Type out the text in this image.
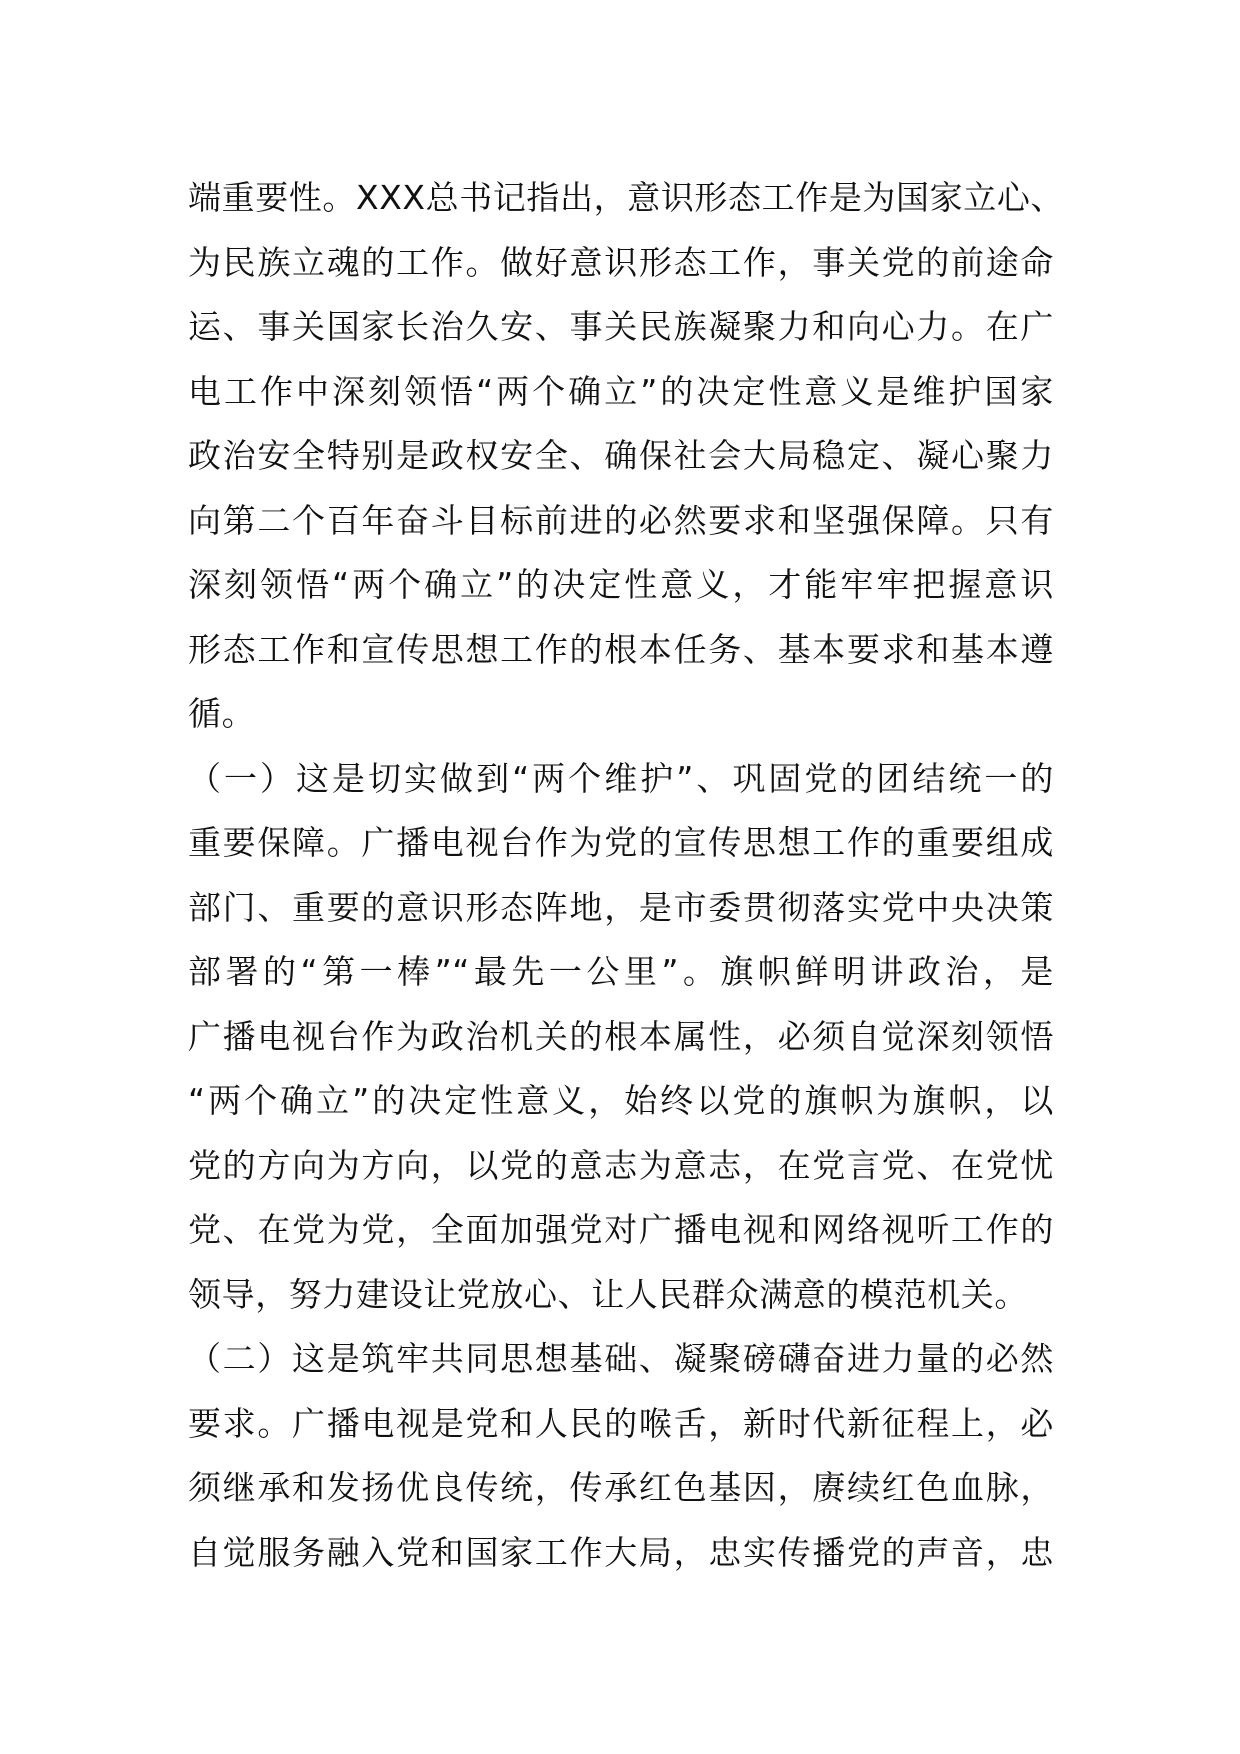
端重要性。XXX总书记指出，意识形态工作是为国家立心、
为民族立魂的工作。做好意识形态工作，事关党的前途命
运、事关国家长治久安、事关民族凝聚力和向心力。在广
电工作中深刻领悟“两个确立”的决定性意义是维护国家
政治安全特别是政权安全、确保社会大局稳定、凝心聚力
向第二个百年奋斗目标前进的必然要求和坚强保障。只有
深刻领悟“两个确立”的决定性意义，才能牢牢把握意识
形态工作和宣传思想工作的根本任务、基本要求和基本遵
循。
（一）这是切实做到“两个维护”、巩固党的团结统一的
重要保障。广播电视台作为党的宣传思想工作的重要组成
部门、重要的意识形态阵地，是市委贯彻落实党中央决策
部署的“第一棒”“最先一公里”。旗帜鲜明讲政治，是
广播电视台作为政治机关的根本属性，必须自觉深刻领悟
“两个确立”的决定性意义，始终以党的旗帜为旗帜，以
党的方向为方向，以党的意志为意志，在党言党、在党忧
党、在党为党，全面加强党对广播电视和网络视听工作的
领导，努力建设让党放心、让人民群众满意的模范机关。
（二）这是筑牢共同思想基础、凝聚磅礴奋进力量的必然
要求。广播电视是党和人民的喉舌，新时代新征程上，必
须继承和发扬优良传统，传承红色基因，赓续红色血脉，
自觉服务融入党和国家工作大局，忠实传播党的声音，忠
